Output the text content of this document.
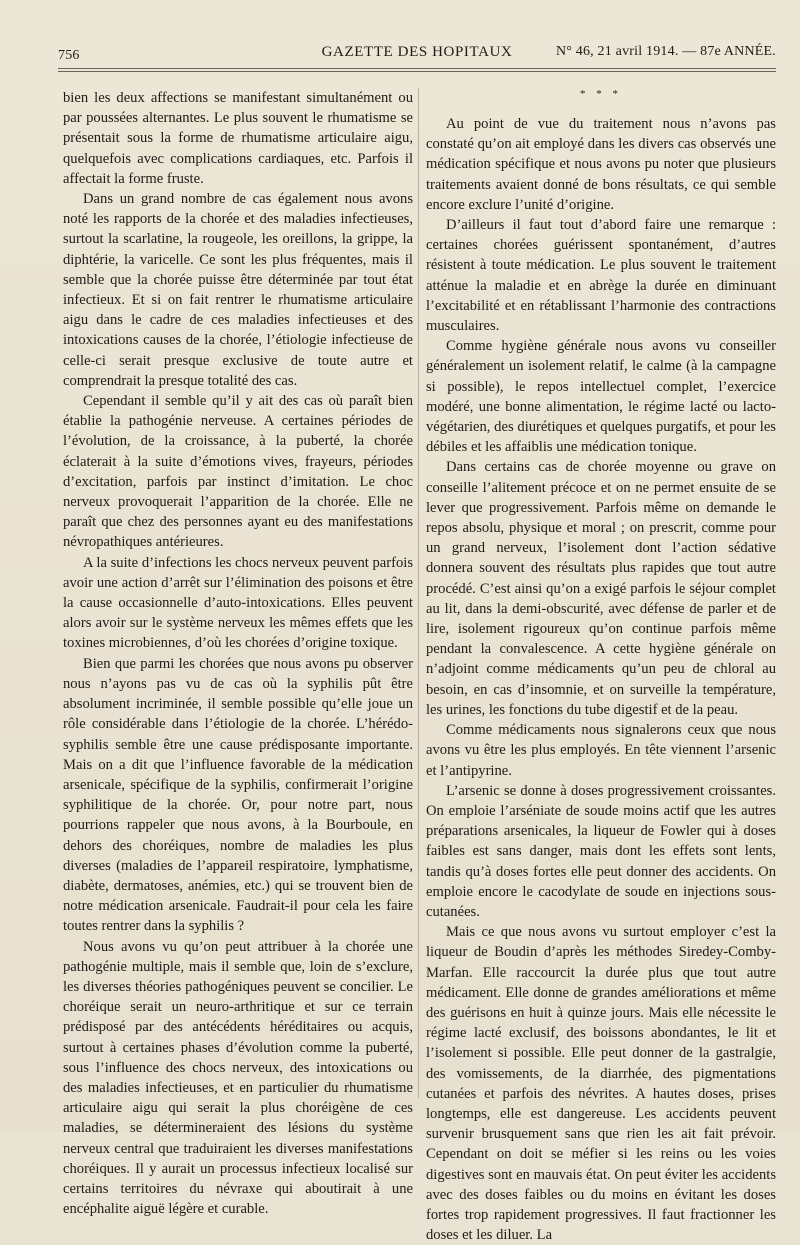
756	GAZETTE DES HOPITAUX	N° 46, 21 avril 1914. — 87e ANNÉE.

bien les deux affections se manifestant simultanément ou par poussées alternantes. Le plus souvent le rhumatisme se présentait sous la forme de rhumatisme articulaire aigu, quelquefois avec complications cardiaques, etc. Parfois il affectait la forme fruste.

Dans un grand nombre de cas également nous avons noté les rapports de la chorée et des maladies infectieuses, surtout la scarlatine, la rougeole, les oreillons, la grippe, la diphtérie, la varicelle. Ce sont les plus fréquentes, mais il semble que la chorée puisse être déterminée par tout état infectieux. Et si on fait rentrer le rhumatisme articulaire aigu dans le cadre de ces maladies infectieuses et des intoxications causes de la chorée, l’étiologie infectieuse de celle-ci serait presque exclusive de toute autre et comprendrait la presque totalité des cas.

Cependant il semble qu’il y ait des cas où paraît bien établie la pathogénie nerveuse. A certaines périodes de l’évolution, de la croissance, à la puberté, la chorée éclaterait à la suite d’émotions vives, frayeurs, périodes d’excitation, parfois par instinct d’imitation. Le choc nerveux provoquerait l’apparition de la chorée. Elle ne paraît que chez des personnes ayant eu des manifestations névropathiques antérieures.

A la suite d’infections les chocs nerveux peuvent parfois avoir une action d’arrêt sur l’élimination des poisons et être la cause occasionnelle d’auto-intoxications. Elles peuvent alors avoir sur le système nerveux les mêmes effets que les toxines microbiennes, d’où les chorées d’origine toxique.

Bien que parmi les chorées que nous avons pu observer nous n’ayons pas vu de cas où la syphilis pût être absolument incriminée, il semble possible qu’elle joue un rôle considérable dans l’étiologie de la chorée. L’hérédo-syphilis semble être une cause prédisposante importante. Mais on a dit que l’influence favorable de la médication arsenicale, spécifique de la syphilis, confirmerait l’origine syphilitique de la chorée. Or, pour notre part, nous pourrions rappeler que nous avons, à la Bourboule, en dehors des choréiques, nombre de maladies les plus diverses (maladies de l’appareil respiratoire, lymphatisme, diabète, dermatoses, anémies, etc.) qui se trouvent bien de notre médication arsenicale. Faudrait-il pour cela les faire toutes rentrer dans la syphilis ?

Nous avons vu qu’on peut attribuer à la chorée une pathogénie multiple, mais il semble que, loin de s’exclure, les diverses théories pathogéniques peuvent se concilier. Le choréique serait un neuro-arthritique et sur ce terrain prédisposé par des antécédents héréditaires ou acquis, surtout à certaines phases d’évolution comme la puberté, sous l’influence des chocs nerveux, des intoxications ou des maladies infectieuses, et en particulier du rhumatisme articulaire aigu qui serait la plus choréigène de ces maladies, se détermineraient des lésions du système nerveux central que traduiraient les diverses manifestations choréiques. Il y aurait un processus infectieux localisé sur certains territoires du névraxe qui aboutirait à une encéphalite aiguë légère et curable.

* * *

Au point de vue du traitement nous n’avons pas constaté qu’on ait employé dans les divers cas observés une médication spécifique et nous avons pu noter que plusieurs traitements avaient donné de bons résultats, ce qui semble encore exclure l’unité d’origine.

D’ailleurs il faut tout d’abord faire une remarque : certaines chorées guérissent spontanément, d’autres résistent à toute médication. Le plus souvent le traitement atténue la maladie et en abrège la durée en diminuant l’excitabilité et en rétablissant l’harmonie des contractions musculaires.

Comme hygiène générale nous avons vu conseiller généralement un isolement relatif, le calme (à la campagne si possible), le repos intellectuel complet, l’exercice modéré, une bonne alimentation, le régime lacté ou lacto-végétarien, des diurétiques et quelques purgatifs, et pour les débiles et les affaiblis une médication tonique.

Dans certains cas de chorée moyenne ou grave on conseille l’alitement précoce et on ne permet ensuite de se lever que progressivement. Parfois même on demande le repos absolu, physique et moral ; on prescrit, comme pour un grand nerveux, l’isolement dont l’action sédative donnera souvent des résultats plus rapides que tout autre procédé. C’est ainsi qu’on a exigé parfois le séjour complet au lit, dans la demi-obscurité, avec défense de parler et de lire, isolement rigoureux qu’on continue parfois même pendant la convalescence. A cette hygiène générale on n’adjoint comme médicaments qu’un peu de chloral au besoin, en cas d’insomnie, et on surveille la température, les urines, les fonctions du tube digestif et de la peau.

Comme médicaments nous signalerons ceux que nous avons vu être les plus employés. En tête viennent l’arsenic et l’antipyrine.

L’arsenic se donne à doses progressivement croissantes. On emploie l’arséniate de soude moins actif que les autres préparations arsenicales, la liqueur de Fowler qui à doses faibles est sans danger, mais dont les effets sont lents, tandis qu’à doses fortes elle peut donner des accidents. On emploie encore le cacodylate de soude en injections sous-cutanées.

Mais ce que nous avons vu surtout employer c’est la liqueur de Boudin d’après les méthodes Siredey-Comby-Marfan. Elle raccourcit la durée plus que tout autre médicament. Elle donne de grandes améliorations et même des guérisons en huit à quinze jours. Mais elle nécessite le régime lacté exclusif, des boissons abondantes, le lit et l’isolement si possible. Elle peut donner de la gastralgie, des vomissements, de la diarrhée, des pigmentations cutanées et parfois des névrites. A hautes doses, prises longtemps, elle est dangereuse. Les accidents peuvent survenir brusquement sans que rien les ait fait prévoir. Cependant on doit se méfier si les reins ou les voies digestives sont en mauvais état. On peut éviter les accidents avec des doses faibles ou du moins en évitant les doses fortes trop rapidement progressives. Il faut fractionner les doses et les diluer. La
